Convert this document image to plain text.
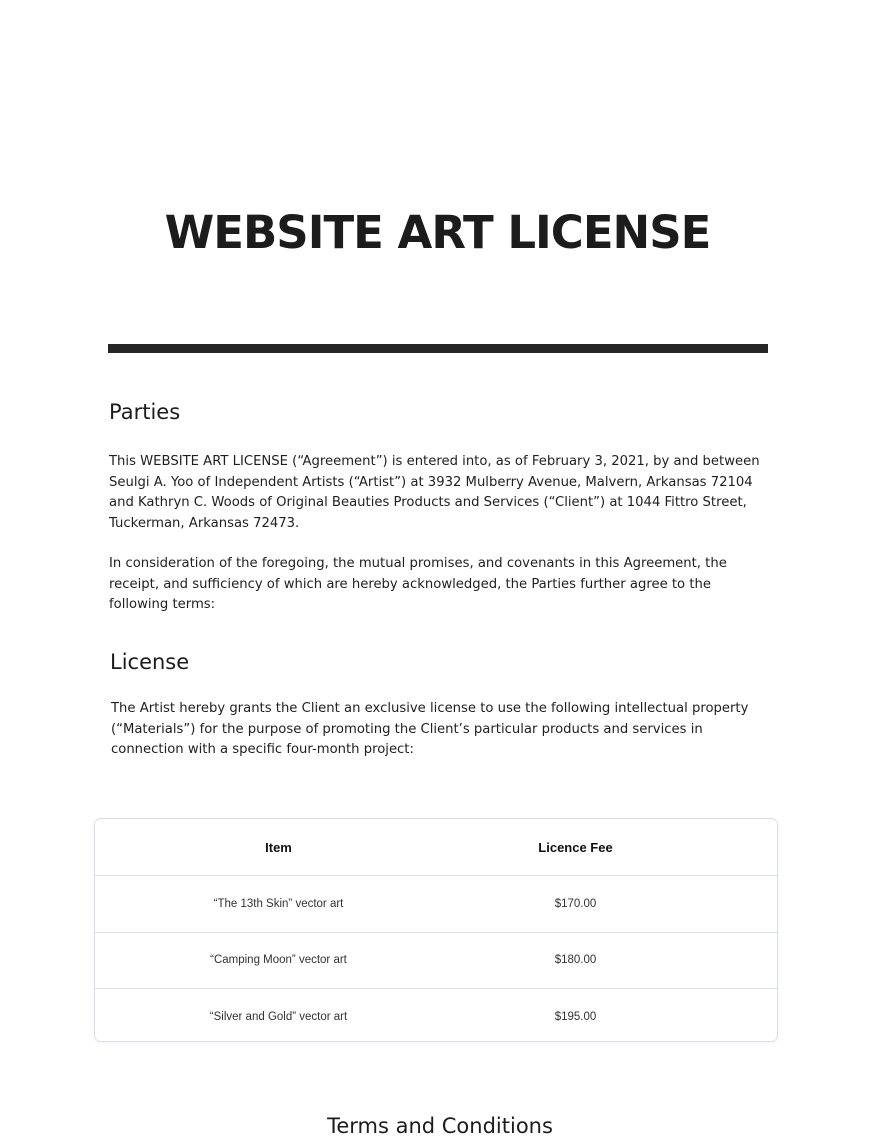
WEBSITE ART LICENSE
Parties

This WEBSITE ART LICENSE (“Agreement”) is entered into, as of February 3, 2021, by and between Seulgi A. Yoo of Independent Artists (“Artist”) at 3932 Mulberry Avenue, Malvern, Arkansas 72104 and Kathryn C. Woods of Original Beauties Products and Services (“Client”) at 1044 Fittro Street, Tuckerman, Arkansas 72473.

In consideration of the foregoing, the mutual promises, and covenants in this Agreement, the receipt, and sufficiency of which are hereby acknowledged, the Parties further agree to the following terms:

License

The Artist hereby grants the Client an exclusive license to use the following intellectual property (“Materials”) for the purpose of promoting the Client’s particular products and services in connection with a specific four-month project:

Item	Licence Fee
“The 13th Skin” vector art	$170.00
“Camping Moon” vector art	$180.00
“Silver and Gold” vector art	$195.00
Terms and Conditions
